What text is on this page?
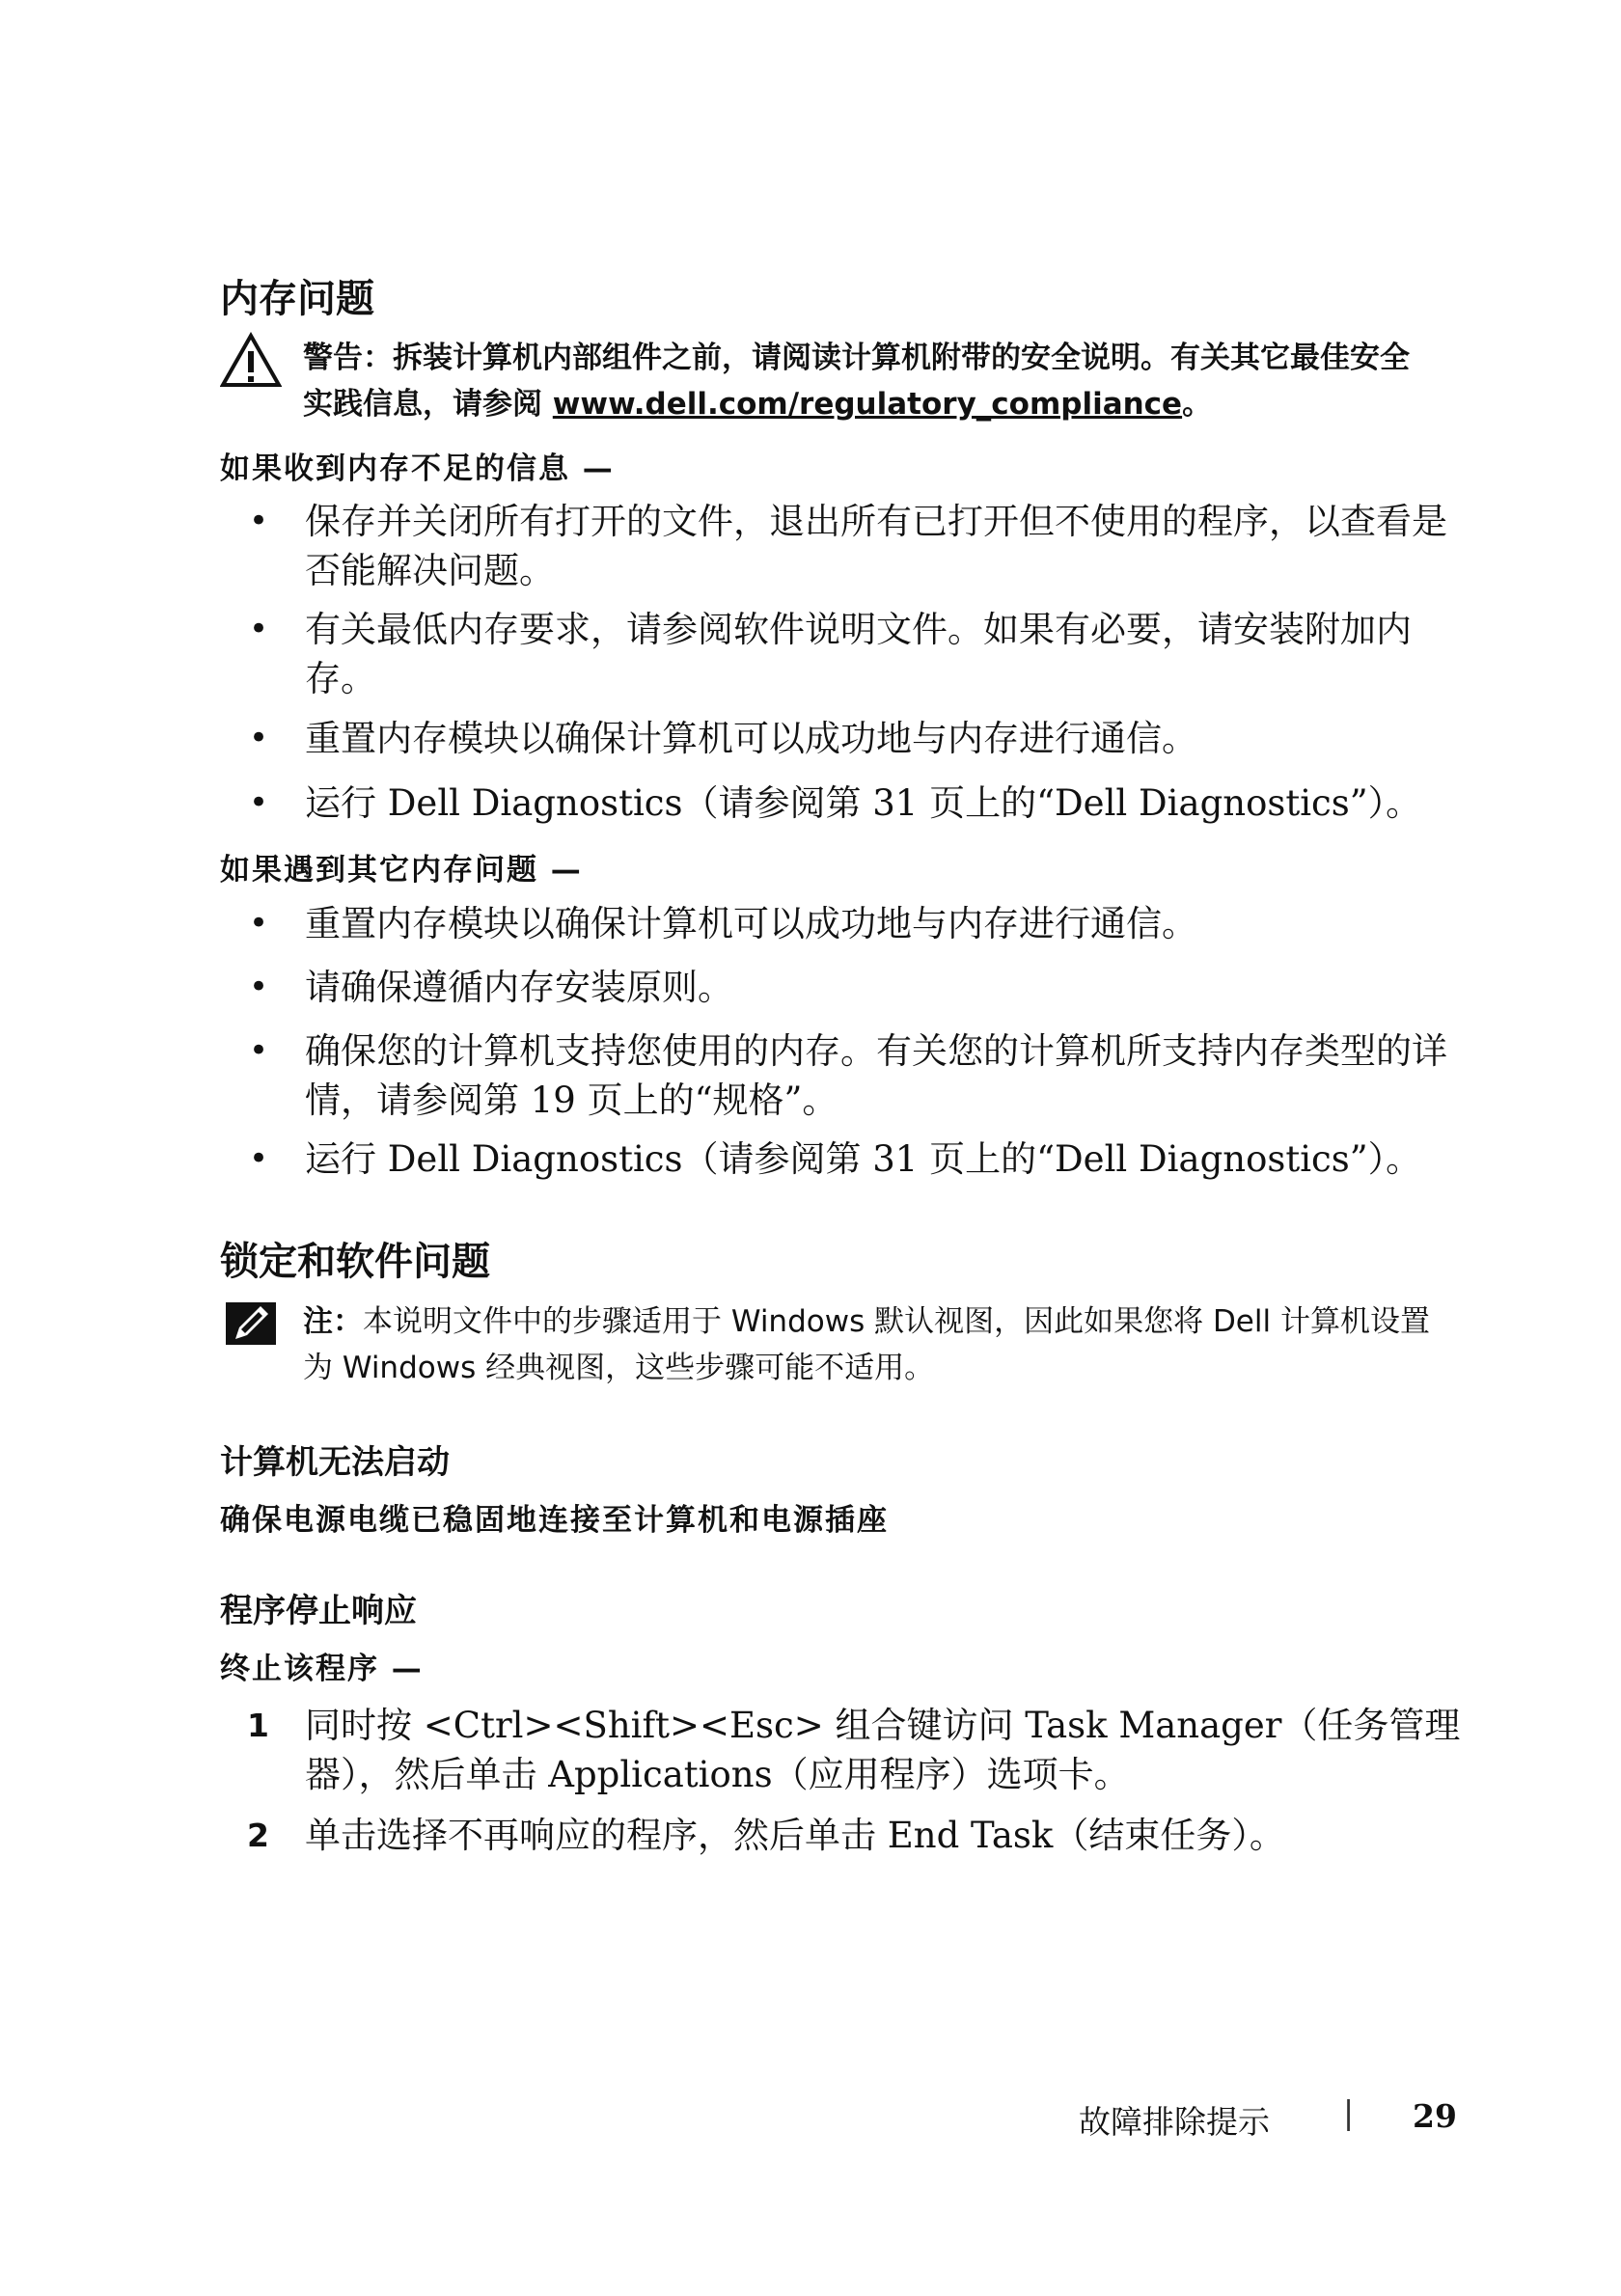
内存问题
警告：拆装计算机内部组件之前，请阅读计算机附带的安全说明。有关其它最佳安全实践信息，请参阅 www.dell.com/regulatory_compliance。
如果收到内存不足的信息 —
• 保存并关闭所有打开的文件，退出所有已打开但不使用的程序，以查看是否能解决问题。
• 有关最低内存要求，请参阅软件说明文件。如果有必要，请安装附加内存。
• 重置内存模块以确保计算机可以成功地与内存进行通信。
• 运行 Dell Diagnostics（请参阅第 31 页上的“Dell Diagnostics”）。
如果遇到其它内存问题 —
• 重置内存模块以确保计算机可以成功地与内存进行通信。
• 请确保遵循内存安装原则。
• 确保您的计算机支持您使用的内存。有关您的计算机所支持内存类型的详情，请参阅第 19 页上的“规格”。
• 运行 Dell Diagnostics（请参阅第 31 页上的“Dell Diagnostics”）。
锁定和软件问题
注：本说明文件中的步骤适用于 Windows 默认视图，因此如果您将 Dell 计算机设置为 Windows 经典视图，这些步骤可能不适用。
计算机无法启动
确保电源电缆已稳固地连接至计算机和电源插座
程序停止响应
终止该程序 —
1 同时按 <Ctrl><Shift><Esc> 组合键访问 Task Manager（任务管理器），然后单击 Applications（应用程序）选项卡。
2 单击选择不再响应的程序，然后单击 End Task（结束任务）。
故障排除提示 | 29
